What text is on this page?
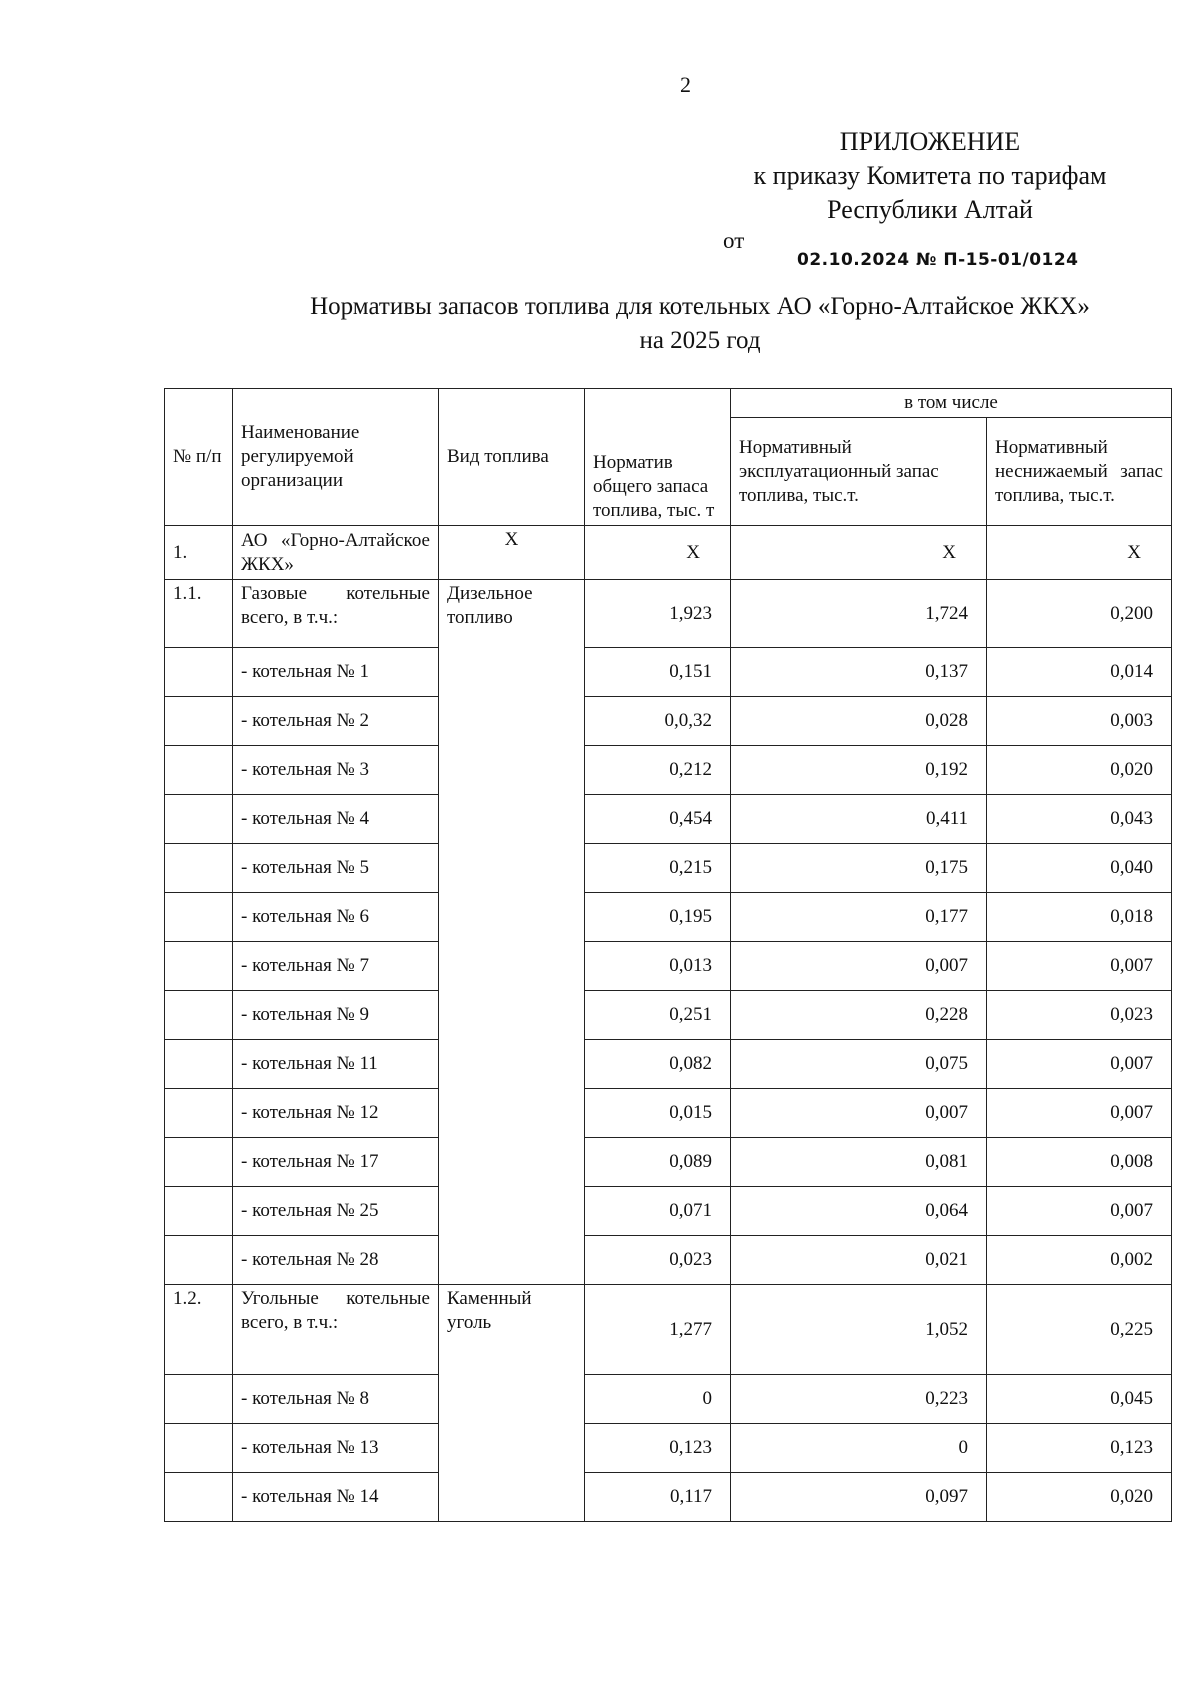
2
ПРИЛОЖЕНИЕ
к приказу Комитета по тарифам
Республики Алтай
от
02.10.2024 № П-15-01/0124
Нормативы запасов топлива для котельных АО «Горно-Алтайское ЖКХ»
на 2025 год
№ п/п	Наименование регулируемой организации	Вид топлива	Норматив общего запаса топлива, тыс. т	в том числе	
				Нормативный эксплуатационный запас топлива, тыс.т.	Нормативный неснижаемый запас топлива, тыс.т.
1.	АО «Горно-Алтайское ЖКХ»	Х	Х	Х	Х
1.1.	Газовые котельные всего, в т.ч.:	Дизельное топливо	1,923	1,724	0,200
	- котельная № 1		0,151	0,137	0,014
	- котельная № 2		0,0,32	0,028	0,003
	- котельная № 3		0,212	0,192	0,020
	- котельная № 4		0,454	0,411	0,043
	- котельная № 5		0,215	0,175	0,040
	- котельная № 6		0,195	0,177	0,018
	- котельная № 7		0,013	0,007	0,007
	- котельная № 9		0,251	0,228	0,023
	- котельная № 11		0,082	0,075	0,007
	- котельная № 12		0,015	0,007	0,007
	- котельная № 17		0,089	0,081	0,008
	- котельная № 25		0,071	0,064	0,007
	- котельная № 28		0,023	0,021	0,002
1.2.	Угольные котельные всего, в т.ч.:	Каменный уголь	1,277	1,052	0,225
	- котельная № 8		0	0,223	0,045
	- котельная № 13		0,123	0	0,123
	- котельная № 14		0,117	0,097	0,020
